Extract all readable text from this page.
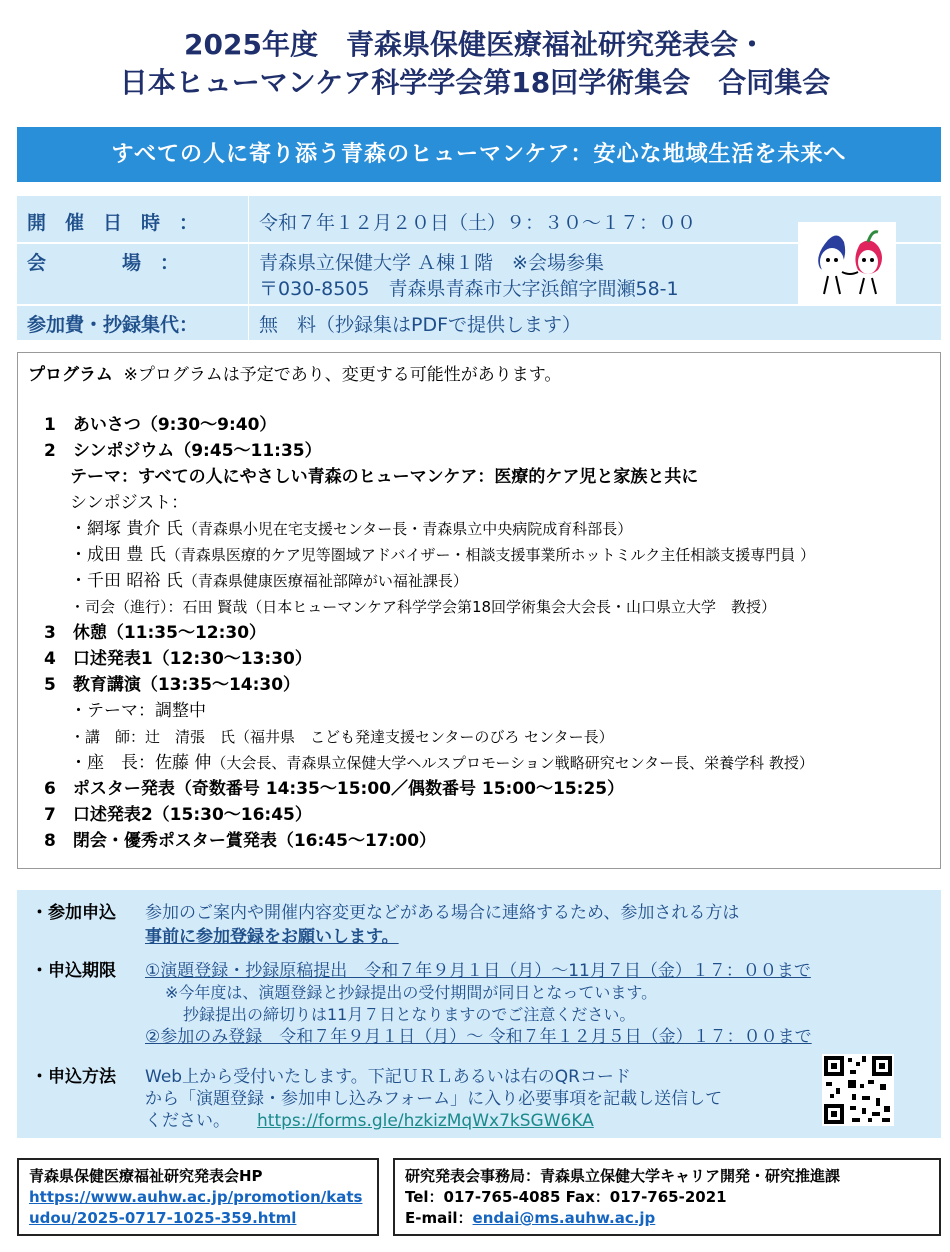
2025年度　青森県保健医療福祉研究発表会・
日本ヒューマンケア科学学会第18回学術集会　合同集会
すべての人に寄り添う青森のヒューマンケア：安心な地域生活を未来へ
開　催　日　時　：	令和７年１２月２０日（土）９：３０〜１７：００
会　　　　場　：	青森県立保健大学 Ａ棟１階　※会場参集
〒030-8505　青森県青森市大字浜館字間瀬58-1
参加費・抄録集代：	無　料（抄録集はPDFで提供します）
プログラム ※プログラムは予定であり、変更する可能性があります。
1　あいさつ（9:30〜9:40）
2　シンポジウム（9:45〜11:35）
テーマ：すべての人にやさしい青森のヒューマンケア：医療的ケア児と家族と共に
シンポジスト：
・網塚 貴介 氏（青森県小児在宅支援センター長・青森県立中央病院成育科部長）
・成田 豊 氏（青森県医療的ケア児等圏域アドバイザー・相談支援事業所ホットミルク主任相談支援専門員 ）
・千田 昭裕 氏（青森県健康医療福祉部障がい福祉課長）
・司会（進行）：石田 賢哉（日本ヒューマンケア科学学会第18回学術集会大会長・山口県立大学　教授）
3　休憩（11:35〜12:30）
4　口述発表1（12:30〜13:30）
5　教育講演（13:35〜14:30）
・テーマ：調整中
・講　師：辻　清張　氏（福井県　こども発達支援センターのびろ センター長）
・座　長：佐藤 伸（大会長、青森県立保健大学ヘルスプロモーション戦略研究センター長、栄養学科 教授）
6　ポスター発表（奇数番号 14:35〜15:00／偶数番号 15:00〜15:25）
7　口述発表2（15:30〜16:45）
8　閉会・優秀ポスター賞発表（16:45〜17:00）
・参加申込 参加のご案内や開催内容変更などがある場合に連絡するため、参加される方は
事前に参加登録をお願いします。
・申込期限 ①演題登録・抄録原稿提出　令和７年９月１日（月）〜11月７日（金）１７：００まで
※今年度は、演題登録と抄録提出の受付期間が同日となっています。
抄録提出の締切りは11月７日となりますのでご注意ください。
②参加のみ登録　令和７年９月１日（月）〜 令和７年１２月５日（金）１７：００まで
・申込方法 Web上から受付いたします。下記ＵＲＬあるいは右のQRコード
から「演題登録・参加申し込みフォーム」に入り必要事項を記載し送信して
ください。 https://forms.gle/hzkizMqWx7kSGW6KA
青森県保健医療福祉研究発表会HP
https://www.auhw.ac.jp/promotion/kats
udou/2025-0717-1025-359.html
研究発表会事務局：青森県立保健大学キャリア開発・研究推進課
Tel：017-765-4085 Fax：017-765-2021
E-mail：endai@ms.auhw.ac.jp
